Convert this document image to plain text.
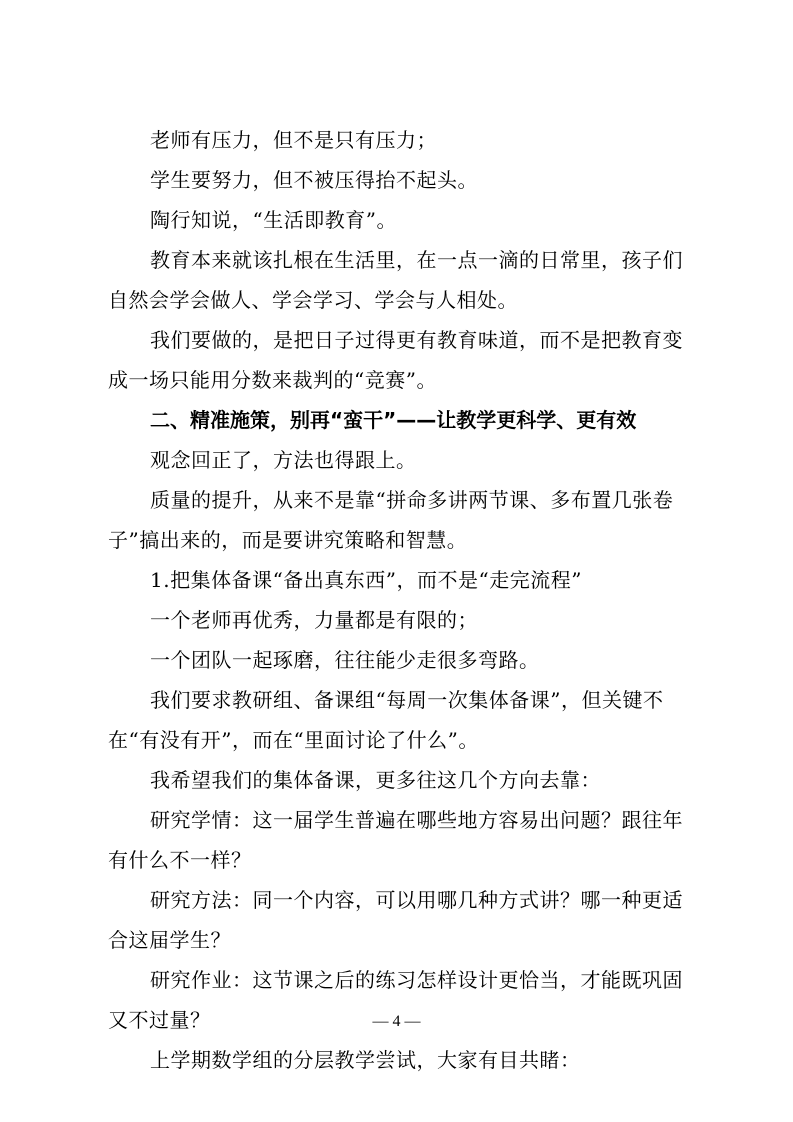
老师有压力，但不是只有压力；

学生要努力，但不被压得抬不起头。

陶行知说，“生活即教育”。

教育本来就该扎根在生活里，在一点一滴的日常里，孩子们自然会学会做人、学会学习、学会与人相处。

我们要做的，是把日子过得更有教育味道，而不是把教育变成一场只能用分数来裁判的“竞赛”。

二、精准施策，别再“蛮干”——让教学更科学、更有效

观念回正了，方法也得跟上。

质量的提升，从来不是靠“拼命多讲两节课、多布置几张卷子”搞出来的，而是要讲究策略和智慧。

1.把集体备课“备出真东西”，而不是“走完流程”

一个老师再优秀，力量都是有限的；

一个团队一起琢磨，往往能少走很多弯路。

我们要求教研组、备课组“每周一次集体备课”，但关键不在“有没有开”，而在“里面讨论了什么”。

我希望我们的集体备课，更多往这几个方向去靠：

研究学情：这一届学生普遍在哪些地方容易出问题？跟往年有什么不一样？

研究方法：同一个内容，可以用哪几种方式讲？哪一种更适合这届学生？

研究作业：这节课之后的练习怎样设计更恰当，才能既巩固又不过量？

上学期数学组的分层教学尝试，大家有目共睹：

— 4 —
